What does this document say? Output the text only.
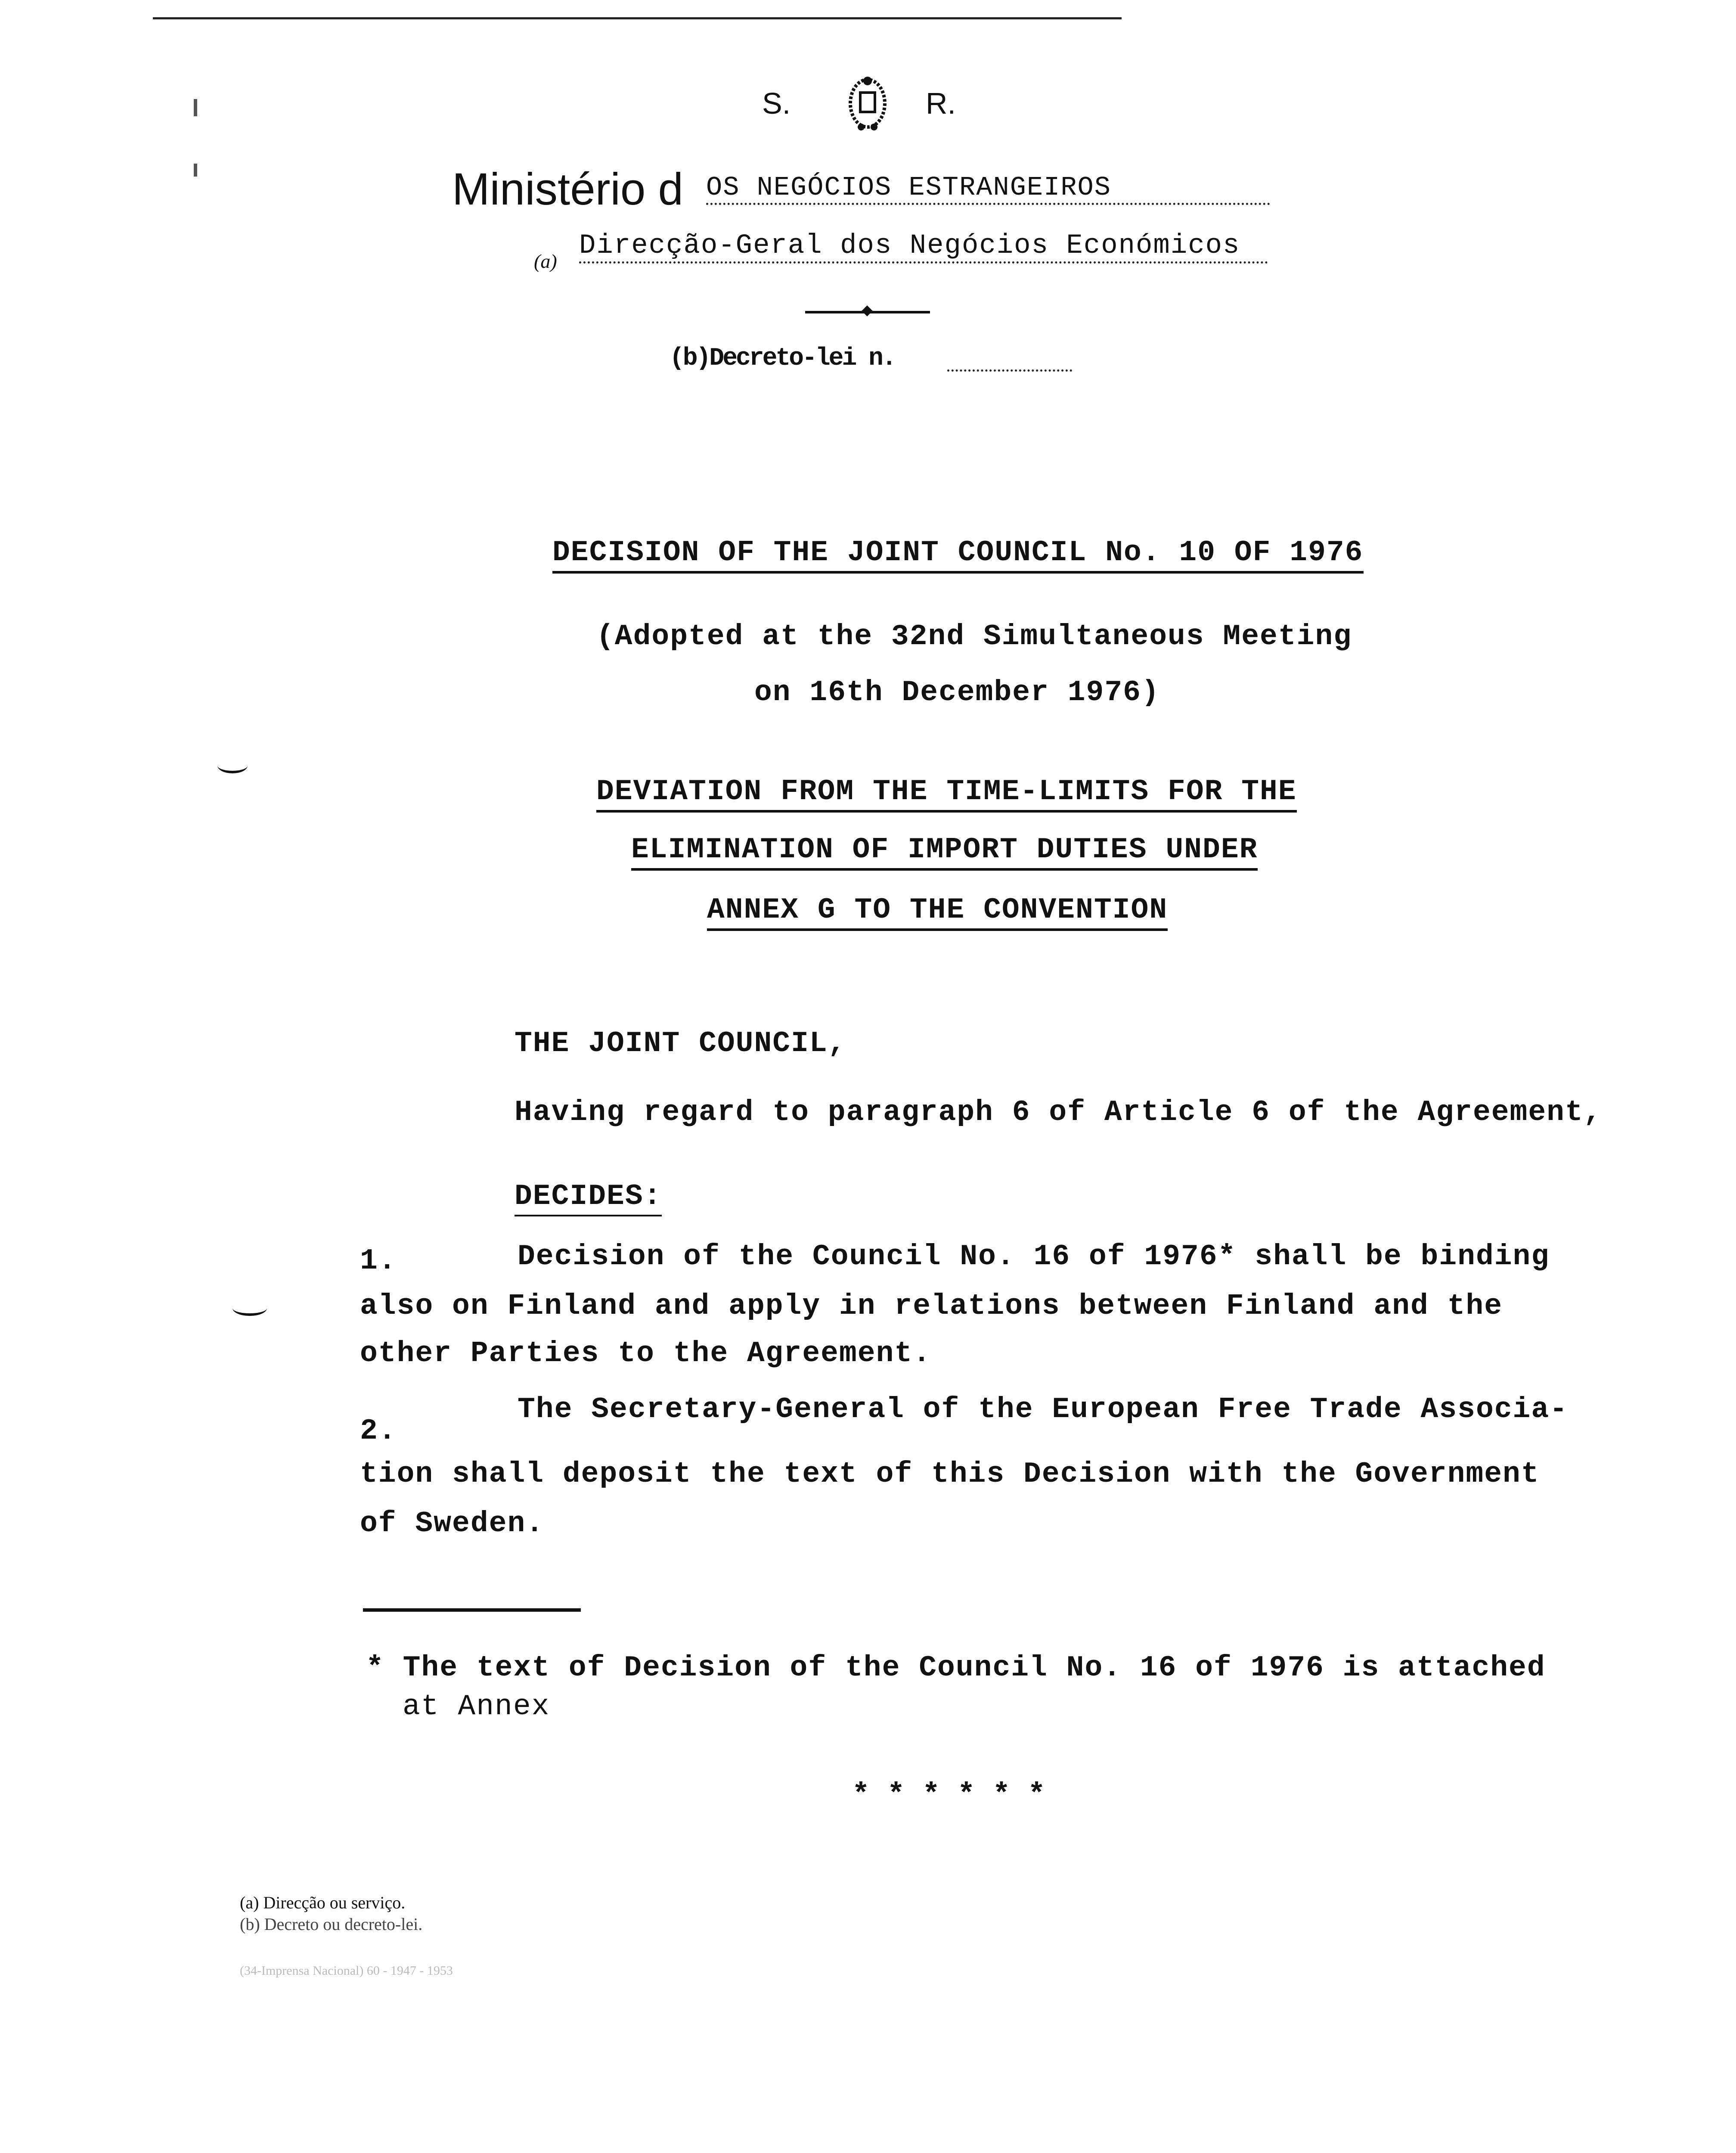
S.	R.
Ministério d OS NEGÓCIOS ESTRANGEIROS
(a) Direcção-Geral dos Negócios Económicos
(b)Decreto-lei n.
DECISION OF THE JOINT COUNCIL No. 10 OF 1976
(Adopted at the 32nd Simultaneous Meeting
on 16th December 1976)
DEVIATION FROM THE TIME-LIMITS FOR THE
ELIMINATION OF IMPORT DUTIES UNDER
ANNEX G TO THE CONVENTION
THE JOINT COUNCIL,
Having regard to paragraph 6 of Article 6 of the Agreement,
DECIDES:
1.	Decision of the Council No. 16 of 1976* shall be binding
also on Finland and apply in relations between Finland and the
other Parties to the Agreement.
2.
The Secretary-General of the European Free Trade Associa-
tion shall deposit the text of this Decision with the Government
of Sweden.
* The text of Decision of the Council No. 16 of 1976 is attached
at Annex
* * * * * *
(a) Direcção ou serviço.
(b) Decreto ou decreto-lei.
(34-Imprensa Nacional) 60 - 1947 - 1953
